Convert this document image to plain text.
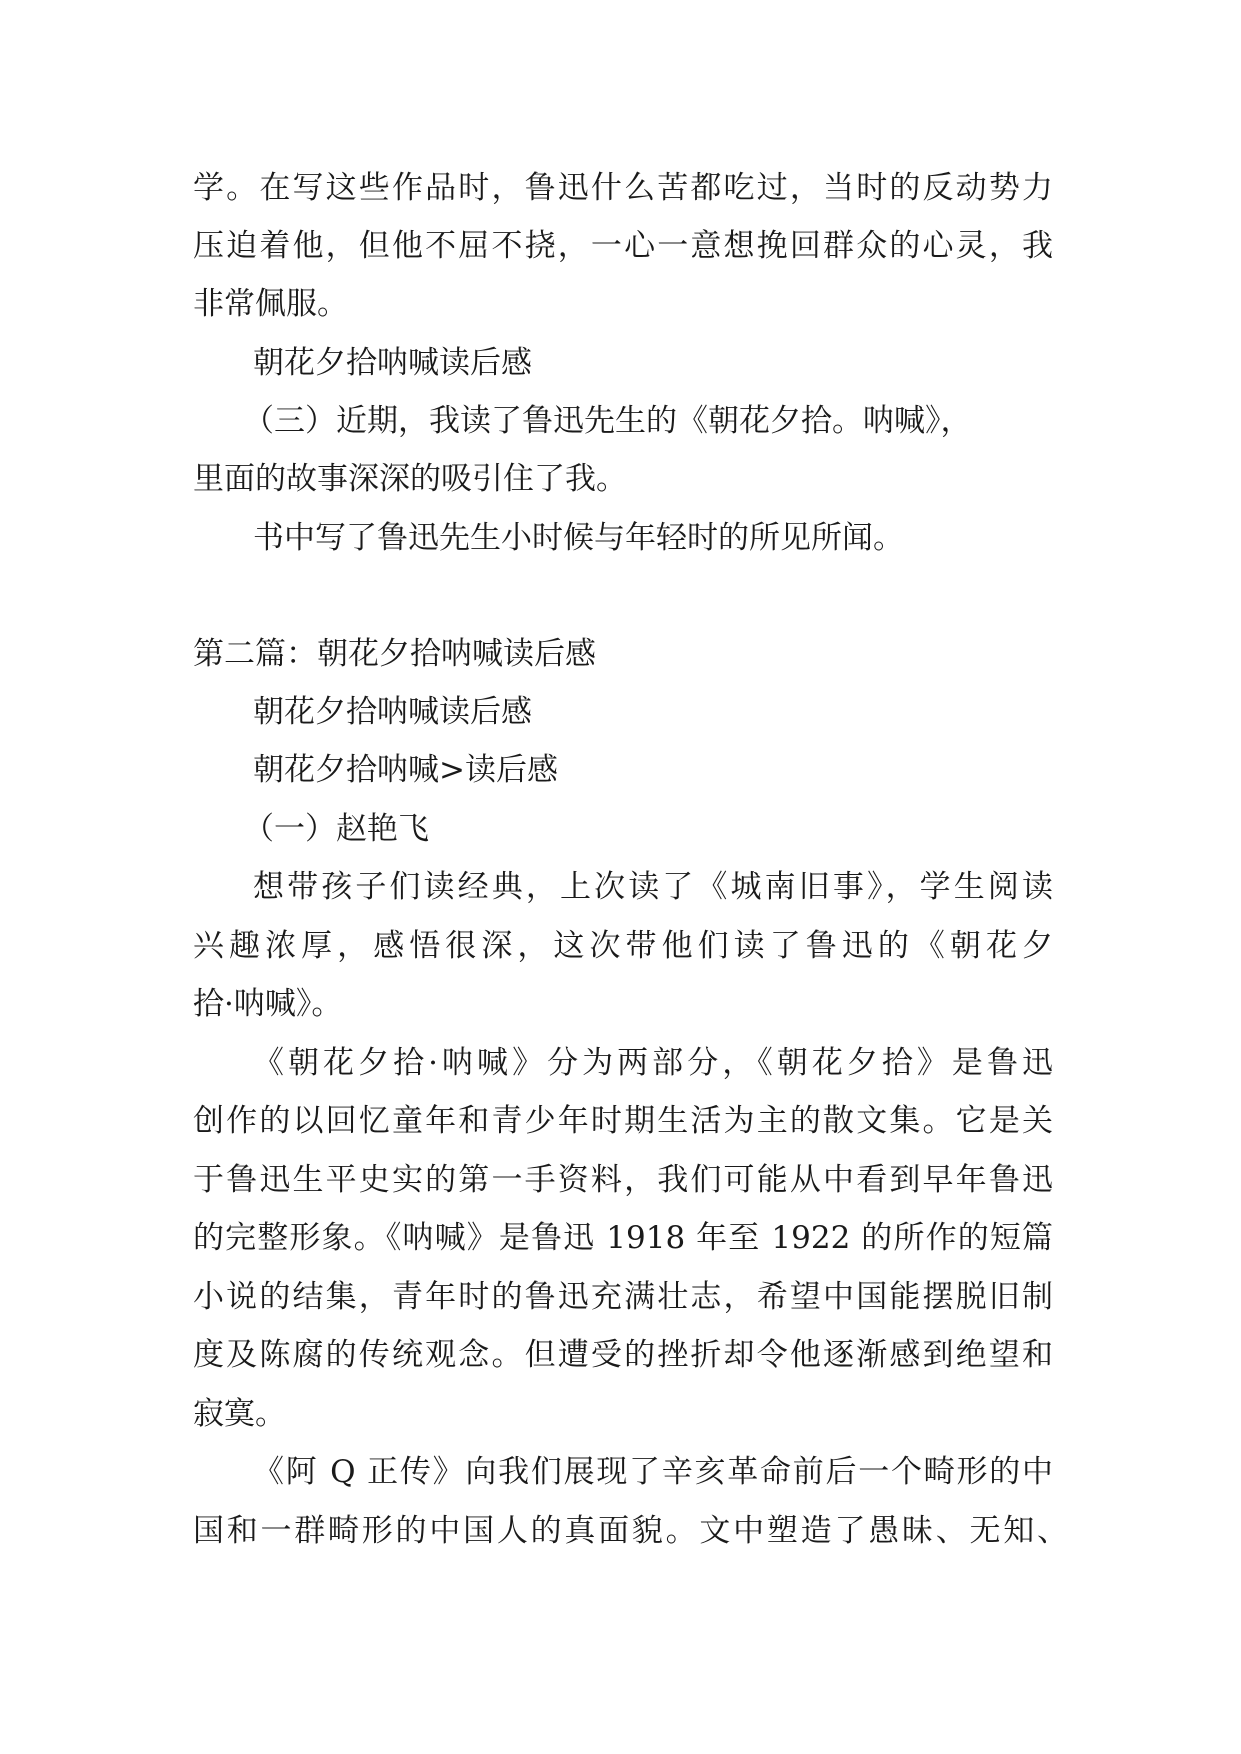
学。在写这些作品时，鲁迅什么苦都吃过，当时的反动势力
压迫着他，但他不屈不挠，一心一意想挽回群众的心灵，我
非常佩服。
朝花夕拾呐喊读后感
（三）近期，我读了鲁迅先生的《朝花夕拾。呐喊》，
里面的故事深深的吸引住了我。
书中写了鲁迅先生小时候与年轻时的所见所闻。
第二篇：朝花夕拾呐喊读后感
朝花夕拾呐喊读后感
朝花夕拾呐喊>读后感
（一）赵艳飞
想带孩子们读经典，上次读了《城南旧事》，学生阅读
兴趣浓厚，感悟很深，这次带他们读了鲁迅的《朝花夕
拾·呐喊》。
《朝花夕拾·呐喊》分为两部分，《朝花夕拾》是鲁迅
创作的以回忆童年和青少年时期生活为主的散文集。它是关
于鲁迅生平史实的第一手资料，我们可能从中看到早年鲁迅
的完整形象。《呐喊》是鲁迅 1918 年至 1922 的所作的短篇
小说的结集，青年时的鲁迅充满壮志，希望中国能摆脱旧制
度及陈腐的传统观念。但遭受的挫折却令他逐渐感到绝望和
寂寞。
《阿 Q 正传》向我们展现了辛亥革命前后一个畸形的中
国和一群畸形的中国人的真面貌。文中塑造了愚昧、无知、
